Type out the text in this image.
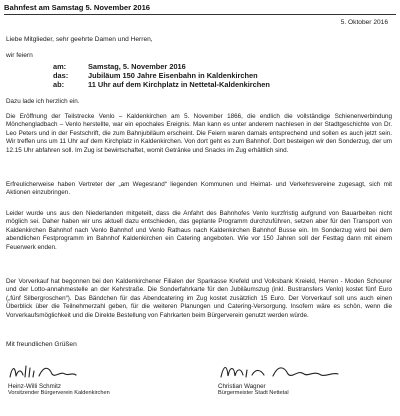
Bahnfest am Samstag 5. November 2016
5. Oktober 2016
Liebe Mitglieder, sehr geehrte Damen und Herren,
wir feiern
am:	Samstag, 5. November 2016
das:	Jubiläum 150 Jahre Eisenbahn in Kaldenkirchen
ab:	11 Uhr auf dem Kirchplatz in Nettetal-Kaldenkirchen

Dazu lade ich herzlich ein.

Die Eröffnung der Teilstrecke Venlo – Kaldenkirchen am 5. November 1866, die endlich die vollständige Schienenverbindung Mönchengladbach – Venlo herstellte, war ein epochales Ereignis. Man kann es unter anderem nachlesen in der Stadtgeschichte von Dr. Leo Peters und in der Festschrift, die zum Bahnjubiläum erscheint. Die Feiern waren damals entsprechend und sollen es auch jetzt sein. Wir treffen uns um 11 Uhr auf dem Kirchplatz in Kaldenkirchen. Von dort geht es zum Bahnhof. Dort besteigen wir den Sonderzug, der um 12.15 Uhr abfahren soll. Im Zug ist bewirtschaftet, womit Getränke und Snacks im Zug erhältlich sind.

Erfreulicherweise haben Vertreter der „am Wegesrand“ liegenden Kommunen und Heimat- und Verkehrsvereine zugesagt, sich mit Aktionen einzubringen.

Leider wurde uns aus den Niederlanden mitgeteilt, dass die Anfahrt des Bahnhofes Venlo kurzfristig aufgrund von Bauarbeiten nicht möglich sei. Daher haben wir uns aktuell dazu entschieden, das geplante Programm durchzuführen, setzen aber für den Transport von Kaldenkirchen Bahnhof nach Venlo Bahnhof und Venlo Rathaus nach Kaldenkirchen Bahnhof Busse ein. Im Sonderzug wird bei dem abendlichen Festprogramm im Bahnhof Kaldenkirchen ein Catering angeboten. Wie vor 150 Jahren soll der Festtag dann mit einem Feuerwerk enden.

Der Vorverkauf hat begonnen bei den Kaldenkirchener Filialen der Sparkasse Krefeld und Volksbank Kreield, Herren - Moden Schourer und der Lotto-annahmestelle an der Kehrstraße. Die Sonderfahrkarte für den Jubiläumszug (inkl. Bustransfers Venlo) kostet fünf Euro („fünf Silbergroschen“). Das Bändchen für das Abendcatering im Zug kostet zusätzlich 15 Euro. Der Vorverkauf soll uns auch einen Überblick über die Teilnehmerzahl geben, für die weiteren Planungen und Catering-Versorgung. Insofern wäre es schön, wenn die Vorverkaufsmöglichkeit und die Direkte Bestellung von Fahrkarten beim Bürgerverein genutzt werden würde.

Mit freundlichen Grüßen
Heinz-Willi Schmitz
Vorsitzender Bürgerverein Kaldenkirchen
Christian Wagner
Bürgermeister Stadt Nettetal
